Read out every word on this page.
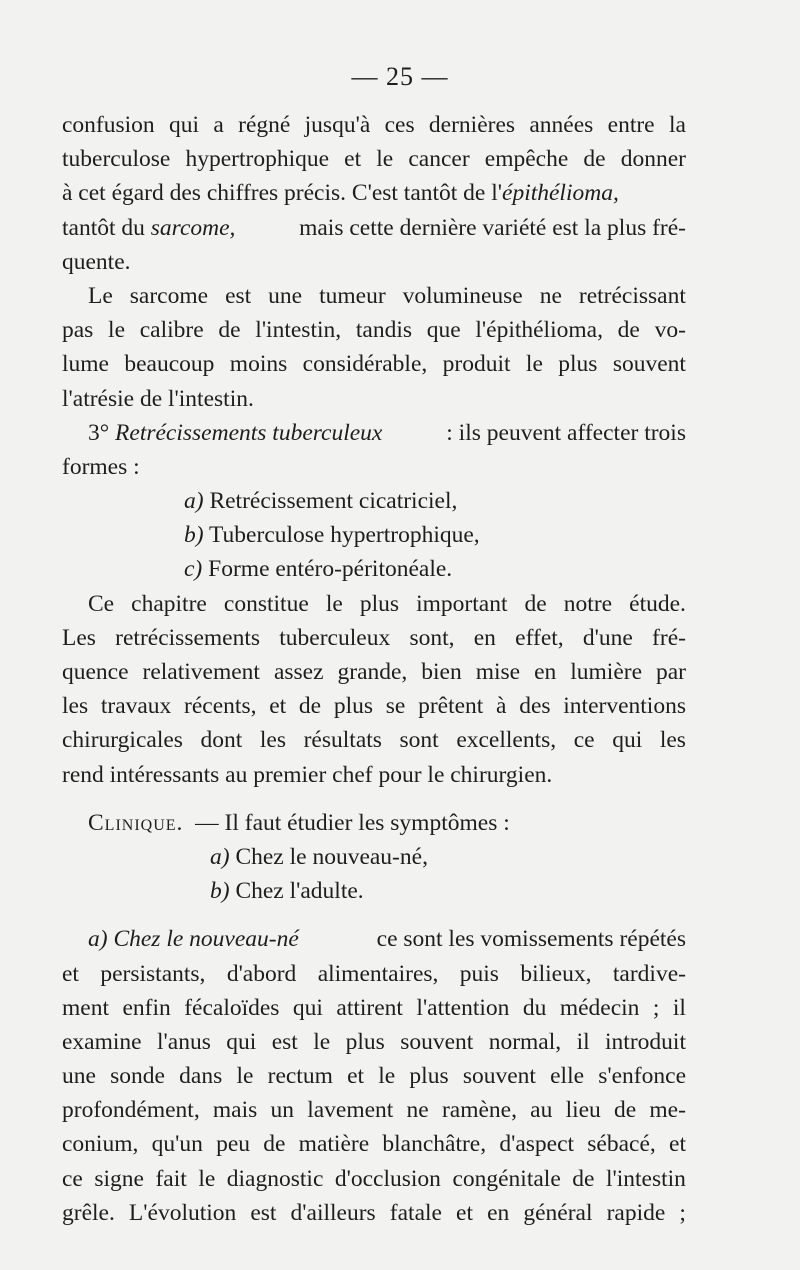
— 25 —
confusion qui a régné jusqu'à ces dernières années entre la
tuberculose hypertrophique et le cancer empêche de donner
à cet égard des chiffres précis. C'est tantôt de l' épithélioma,
tantôt du sarcome, mais cette dernière variété est la plus fré-
quente.
Le sarcome est une tumeur volumineuse ne retrécissant
pas le calibre de l'intestin, tandis que l'épithélioma, de vo-
lume beaucoup moins considérable, produit le plus souvent
l'atrésie de l'intestin.
3° Retrécissements tuberculeux	: ils peuvent affecter trois
formes :
a) Retrécissement cicatriciel,
b) Tuberculose hypertrophique,
c) Forme entéro-péritonéale.
Ce chapitre constitue le plus important de notre étude.
Les retrécissements tuberculeux sont, en effet, d'une fré-
quence relativement assez grande, bien mise en lumière par
les travaux récents, et de plus se prêtent à des interventions
chirurgicales dont les résultats sont excellents, ce qui les
rend intéressants au premier chef pour le chirurgien.
Clinique.
— Il faut étudier les symptômes :
a) Chez le nouveau-né,
b) Chez l'adulte.
a) Chez le nouveau-né	ce sont les vomissements répétés
et persistants, d'abord alimentaires, puis bilieux, tardive-
ment enfin fécaloïdes qui attirent l'attention du médecin ; il
examine l'anus qui est le plus souvent normal, il introduit
une sonde dans le rectum et le plus souvent elle s'enfonce
profondément, mais un lavement ne ramène, au lieu de me-
conium, qu'un peu de matière blanchâtre, d'aspect sébacé, et
ce signe fait le diagnostic d'occlusion congénitale de l'intestin
grêle. L'évolution est d'ailleurs fatale et en général rapide ;
